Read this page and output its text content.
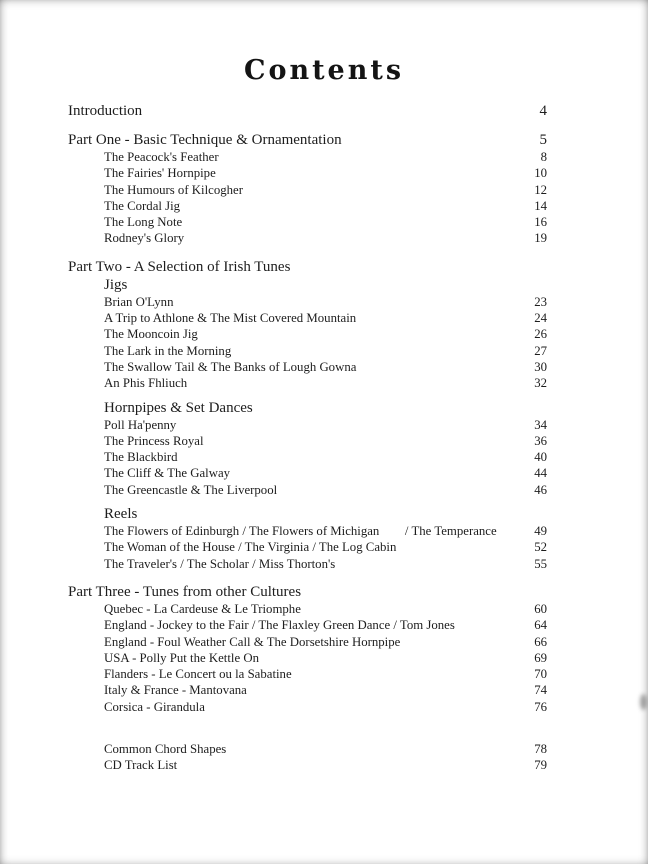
Contents
Introduction	4
Part One - Basic Technique & Ornamentation	5
The Peacock's Feather	8
The Fairies' Hornpipe	10
The Humours of Kilcogher	12
The Cordal Jig	14
The Long Note	16
Rodney's Glory	19
Part Two - A Selection of Irish Tunes
Jigs
Brian O'Lynn	23
A Trip to Athlone & The Mist Covered Mountain	24
The Mooncoin Jig	26
The Lark in the Morning	27
The Swallow Tail & The Banks of Lough Gowna	30
An Phis Fhliuch	32
Hornpipes & Set Dances
Poll Ha'penny	34
The Princess Royal	36
The Blackbird	40
The Cliff & The Galway	44
The Greencastle & The Liverpool	46
Reels
The Flowers of Edinburgh / The Flowers of Michigan        / The Temperance	49
The Woman of the House / The Virginia / The Log Cabin	52
The Traveler's / The Scholar / Miss Thorton's	55
Part Three - Tunes from other Cultures
Quebec - La Cardeuse & Le Triomphe	60
England - Jockey to the Fair / The Flaxley Green Dance / Tom Jones	64
England - Foul Weather Call & The Dorsetshire Hornpipe	66
USA - Polly Put the Kettle On	69
Flanders - Le Concert ou la Sabatine	70
Italy & France - Mantovana	74
Corsica - Girandula	76
Common Chord Shapes	78
CD Track List	79
